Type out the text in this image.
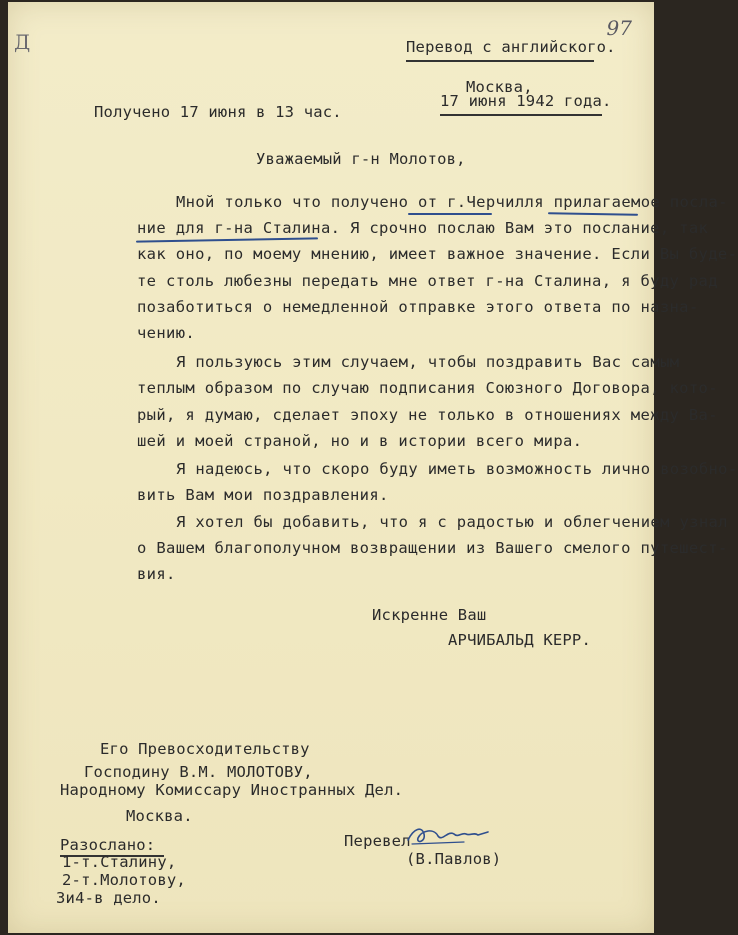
Д
97
Перевод с английского.
Москва,
Получено 17 июня в 13 час.
17 июня 1942 года.
Уважаемый г-н Молотов,
Мной только что получено от г.Черчилля прилагаемое посла-
ние для г-на Сталина. Я срочно послаю Вам это послание, так
как оно, по моему мнению, имеет важное значение. Если Вы буде-
те столь любезны передать мне ответ г-на Сталина, я буду рад
позаботиться о немедленной отправке этого ответа по назна-
чению.
Я пользуюсь этим случаем, чтобы поздравить Вас самым
теплым образом по случаю подписания Союзного Договора, кото-
рый, я думаю, сделает эпоху не только в отношениях между Ва-
шей и моей страной, но и в истории всего мира.
Я надеюсь, что скоро буду иметь возможность лично возобно-
вить Вам мои поздравления.
Я хотел бы добавить, что я с радостью и облегчением узнал
о Вашем благополучном возвращении из Вашего смелого путешест-
вия.
Искренне Ваш
АРЧИБАЛЬД КЕРР.
Его Превосходительству
Господину В.М. МОЛОТОВУ,
Народному Комиссару Иностранных Дел.
Москва.
Разослано:
1-т.Сталину,
2-т.Молотову,
3и4-в дело.
Перевел
(В.Павлов)
